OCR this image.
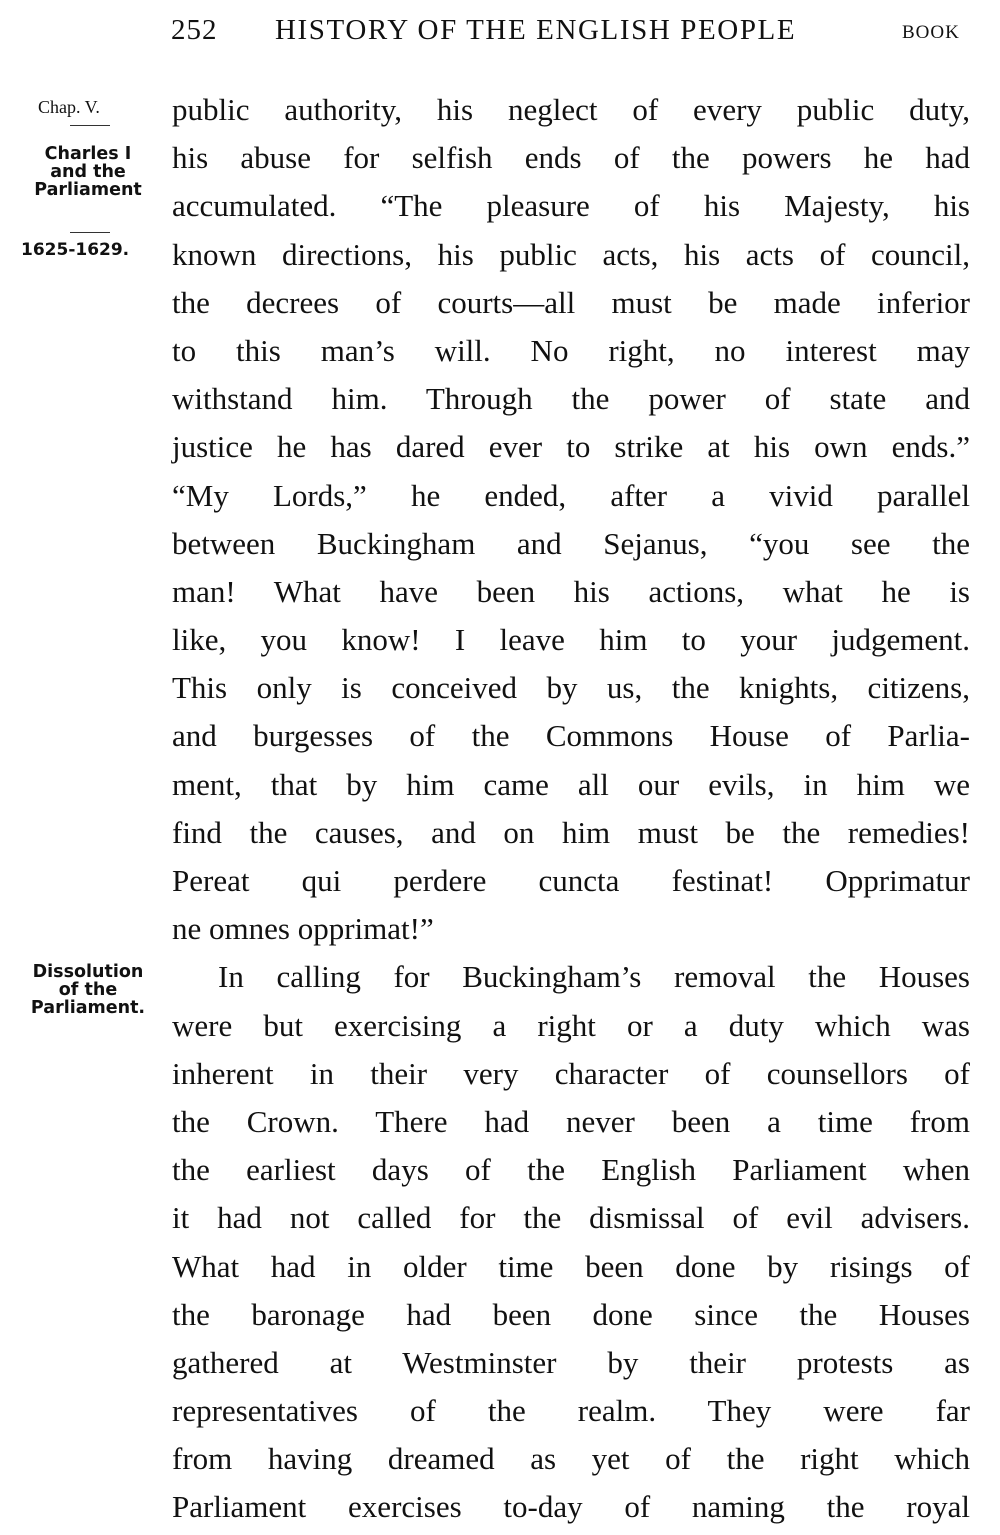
252 HISTORY OF THE ENGLISH PEOPLE	BOOK
Chap. V.
Charles I
and the
Parliament
1625-1629.
Dissolution
of the
Parliament.
public authority, his neglect of every public duty,
his abuse for selfish ends of the powers he had
accumulated. “The pleasure of his Majesty, his
known directions, his public acts, his acts of council,
the decrees of courts—all must be made inferior
to this man’s will. No right, no interest may
withstand him. Through the power of state and
justice he has dared ever to strike at his own ends.”
“My Lords,” he ended, after a vivid parallel
between Buckingham and Sejanus, “you see the
man! What have been his actions, what he is
like, you know! I leave him to your judgement.
This only is conceived by us, the knights, citizens,
and burgesses of the Commons House of Parlia-
ment, that by him came all our evils, in him we
find the causes, and on him must be the remedies!
Pereat qui perdere cuncta festinat! Opprimatur
ne omnes opprimat!”
In calling for Buckingham’s removal the Houses
were but exercising a right or a duty which was
inherent in their very character of counsellors of
the Crown. There had never been a time from
the earliest days of the English Parliament when
it had not called for the dismissal of evil advisers.
What had in older time been done by risings of
the baronage had been done since the Houses
gathered at Westminster by their protests as
representatives of the realm. They were far
from having dreamed as yet of the right which
Parliament exercises to-day of naming the royal
